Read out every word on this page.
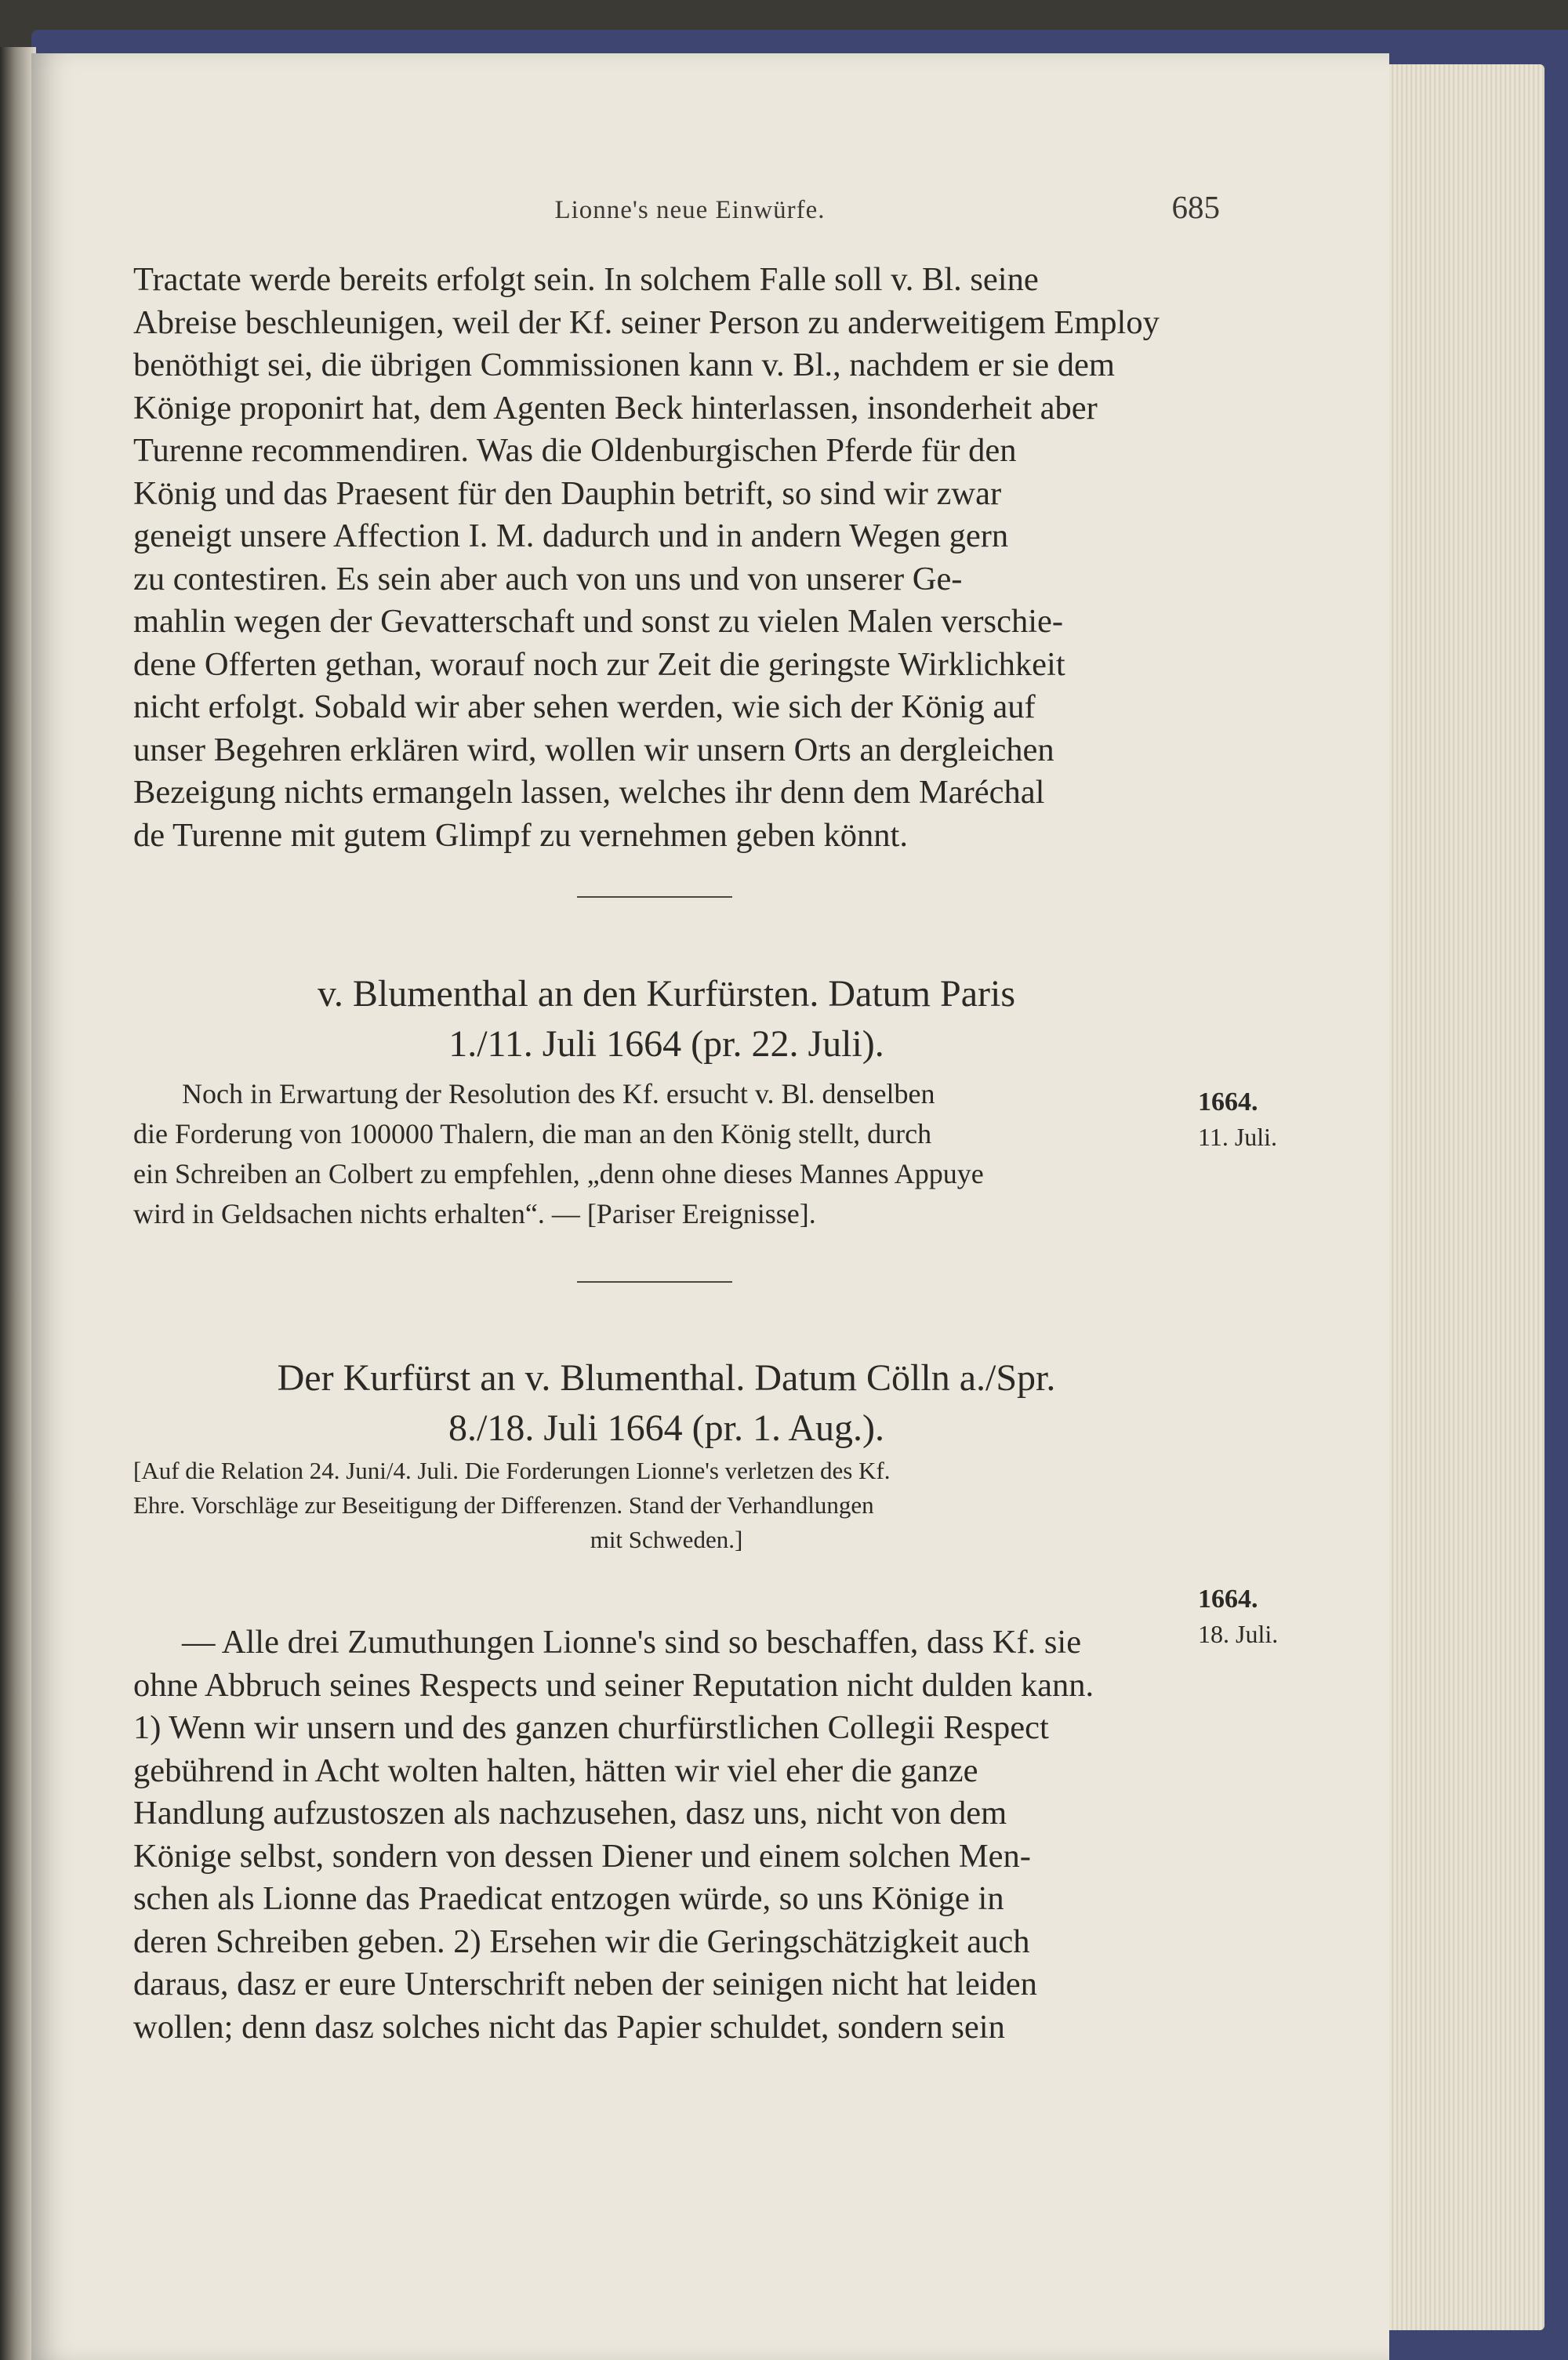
Lionne's neue Einwürfe.	685

Tractate werde bereits erfolgt sein. In solchem Falle soll v. Bl. seine
Abreise beschleunigen, weil der Kf. seiner Person zu anderweitigem Employ
benöthigt sei, die übrigen Commissionen kann v. Bl., nachdem er sie dem
Könige proponirt hat, dem Agenten Beck hinterlassen, insonderheit aber
Turenne recommendiren. Was die Oldenburgischen Pferde für den
König und das Praesent für den Dauphin betrift, so sind wir zwar
geneigt unsere Affection I. M. dadurch und in andern Wegen gern
zu contestiren. Es sein aber auch von uns und von unserer Ge-
mahlin wegen der Gevatterschaft und sonst zu vielen Malen verschie-
dene Offerten gethan, worauf noch zur Zeit die geringste Wirklichkeit
nicht erfolgt. Sobald wir aber sehen werden, wie sich der König auf
unser Begehren erklären wird, wollen wir unsern Orts an dergleichen
Bezeigung nichts ermangeln lassen, welches ihr denn dem Maréchal
de Turenne mit gutem Glimpf zu vernehmen geben könnt.
v. Blumenthal an den Kurfürsten. Datum Paris
1./11. Juli 1664 (pr. 22. Juli).
Noch in Erwartung der Resolution des Kf. ersucht v. Bl. denselben
die Forderung von 100000 Thalern, die man an den König stellt, durch
ein Schreiben an Colbert zu empfehlen, „denn ohne dieses Mannes Appuye
wird in Geldsachen nichts erhalten“. — [Pariser Ereignisse].
1664.
11. Juli.
Der Kurfürst an v. Blumenthal. Datum Cölln a./Spr.
8./18. Juli 1664 (pr. 1. Aug.).
[Auf die Relation 24. Juni/4. Juli. Die Forderungen Lionne's verletzen des Kf.
Ehre. Vorschläge zur Beseitigung der Differenzen. Stand der Verhandlungen
mit Schweden.]
1664.
18. Juli.
— Alle drei Zumuthungen Lionne's sind so beschaffen, dass Kf. sie
ohne Abbruch seines Respects und seiner Reputation nicht dulden kann.
1) Wenn wir unsern und des ganzen churfürstlichen Collegii Respect
gebührend in Acht wolten halten, hätten wir viel eher die ganze
Handlung aufzustoszen als nachzusehen, dasz uns, nicht von dem
Könige selbst, sondern von dessen Diener und einem solchen Men-
schen als Lionne das Praedicat entzogen würde, so uns Könige in
deren Schreiben geben. 2) Ersehen wir die Geringschätzigkeit auch
daraus, dasz er eure Unterschrift neben der seinigen nicht hat leiden
wollen; denn dasz solches nicht das Papier schuldet, sondern sein
